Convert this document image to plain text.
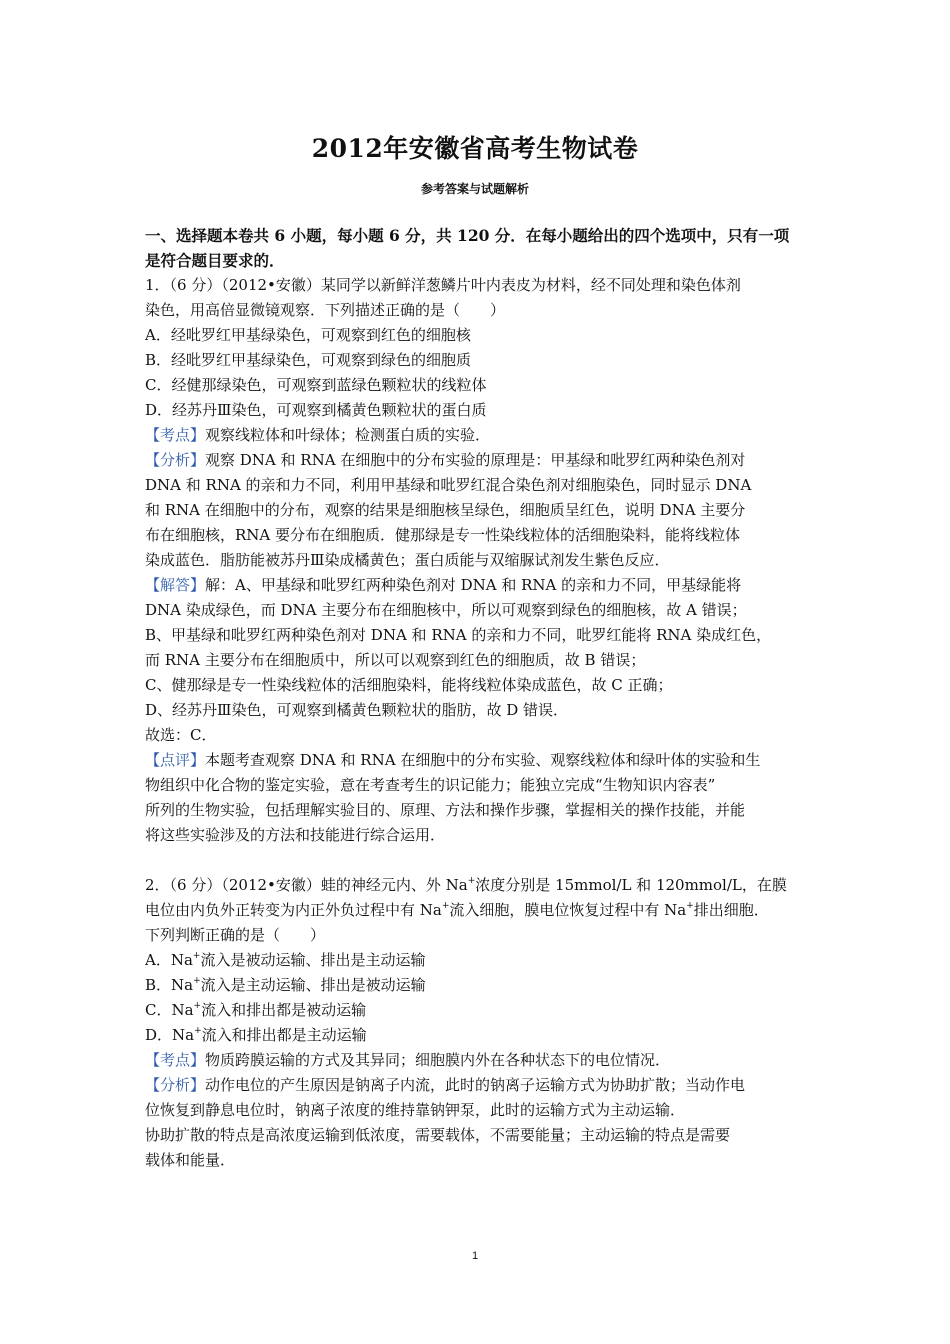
2012年安徽省高考生物试卷
参考答案与试题解析

一、选择题本卷共 6 小题，每小题 6 分，共 120 分．在每小题给出的四个选项中，只有一项

是符合题目要求的．

1．（6 分）（2012•安徽）某同学以新鲜洋葱鳞片叶内表皮为材料，经不同处理和染色体剂

染色，用高倍显微镜观察．下列描述正确的是（　　）

A．经吡罗红甲基绿染色，可观察到红色的细胞核

B．经吡罗红甲基绿染色，可观察到绿色的细胞质

C．经健那绿染色，可观察到蓝绿色颗粒状的线粒体

D．经苏丹Ⅲ染色，可观察到橘黄色颗粒状的蛋白质

【考点】观察线粒体和叶绿体；检测蛋白质的实验．

【分析】观察 DNA 和 RNA 在细胞中的分布实验的原理是：甲基绿和吡罗红两种染色剂对

DNA 和 RNA 的亲和力不同，利用甲基绿和吡罗红混合染色剂对细胞染色，同时显示 DNA

和 RNA 在细胞中的分布，观察的结果是细胞核呈绿色，细胞质呈红色，说明 DNA 主要分

布在细胞核，RNA 要分布在细胞质．健那绿是专一性染线粒体的活细胞染料，能将线粒体

染成蓝色．脂肪能被苏丹Ⅲ染成橘黄色；蛋白质能与双缩脲试剂发生紫色反应．

【解答】解：A、甲基绿和吡罗红两种染色剂对 DNA 和 RNA 的亲和力不同，甲基绿能将

DNA 染成绿色，而 DNA 主要分布在细胞核中，所以可观察到绿色的细胞核，故 A 错误；

B、甲基绿和吡罗红两种染色剂对 DNA 和 RNA 的亲和力不同，吡罗红能将 RNA 染成红色，

而 RNA 主要分布在细胞质中，所以可以观察到红色的细胞质，故 B 错误；

C、健那绿是专一性染线粒体的活细胞染料，能将线粒体染成蓝色，故 C 正确；

D、经苏丹Ⅲ染色，可观察到橘黄色颗粒状的脂肪，故 D 错误．

故选：C．

【点评】本题考查观察 DNA 和 RNA 在细胞中的分布实验、观察线粒体和绿叶体的实验和生

物组织中化合物的鉴定实验，意在考查考生的识记能力；能独立完成“生物知识内容表”

所列的生物实验，包括理解实验目的、原理、方法和操作步骤，掌握相关的操作技能，并能

将这些实验涉及的方法和技能进行综合运用．

2．（6 分）（2012•安徽）蛙的神经元内、外 Na+浓度分别是 15mmol/L 和 120mmol/L，在膜

电位由内负外正转变为内正外负过程中有 Na+流入细胞，膜电位恢复过程中有 Na+排出细胞．

下列判断正确的是（　　）

A．Na+流入是被动运输、排出是主动运输

B．Na+流入是主动运输、排出是被动运输

C．Na+流入和排出都是被动运输

D．Na+流入和排出都是主动运输

【考点】物质跨膜运输的方式及其异同；细胞膜内外在各种状态下的电位情况．

【分析】动作电位的产生原因是钠离子内流，此时的钠离子运输方式为协助扩散；当动作电

位恢复到静息电位时，钠离子浓度的维持靠钠钾泵，此时的运输方式为主动运输．

协助扩散的特点是高浓度运输到低浓度，需要载体，不需要能量；主动运输的特点是需要

载体和能量．

1
